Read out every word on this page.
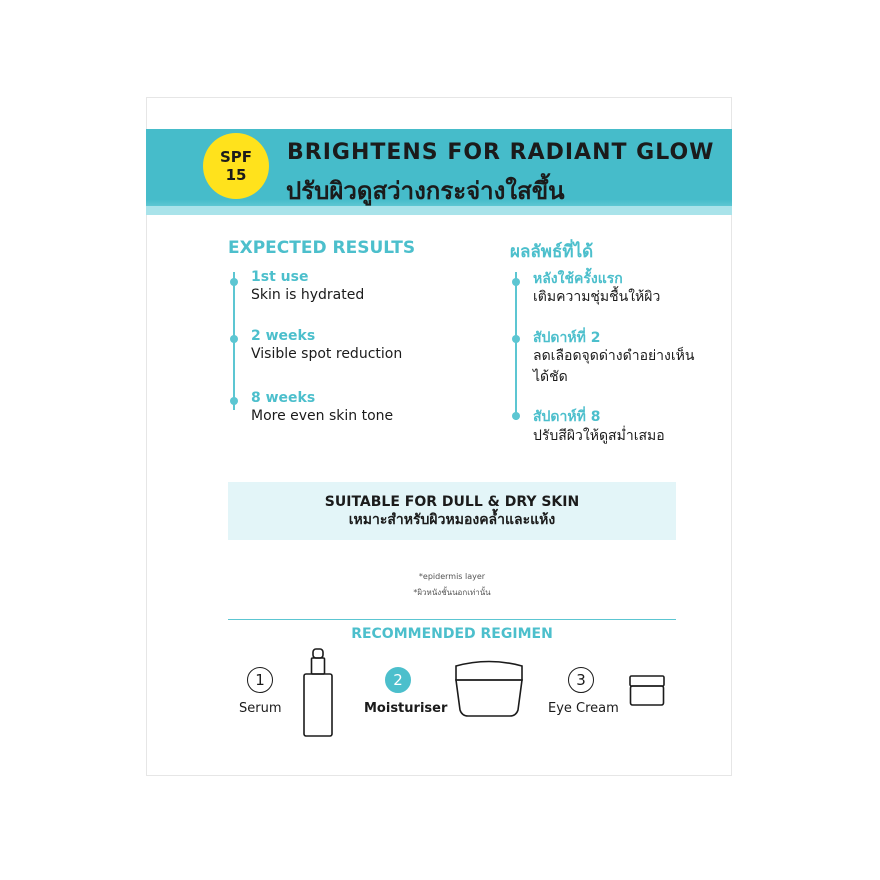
SPF
15
BRIGHTENS FOR RADIANT GLOW
ปรับผิวดูสว่างกระจ่างใสขึ้น
EXPECTED RESULTS
1st use
Skin is hydrated
2 weeks
Visible spot reduction
8 weeks
More even skin tone
ผลลัพธ์ที่ได้
หลังใช้ครั้งแรก
เติมความชุ่มชื้นให้ผิว
สัปดาห์ที่ 2
ลดเลือดจุดด่างดำอย่างเห็น
ได้ชัด
สัปดาห์ที่ 8
ปรับสีผิวให้ดูสม่ำเสมอ
SUITABLE FOR DULL & DRY SKIN
เหมาะสำหรับผิวหมองคล้ำและแห้ง
*epidermis layer
*ผิวหนังชั้นนอกเท่านั้น
RECOMMENDED REGIMEN
1
Serum
2
Moisturiser
3
Eye Cream
